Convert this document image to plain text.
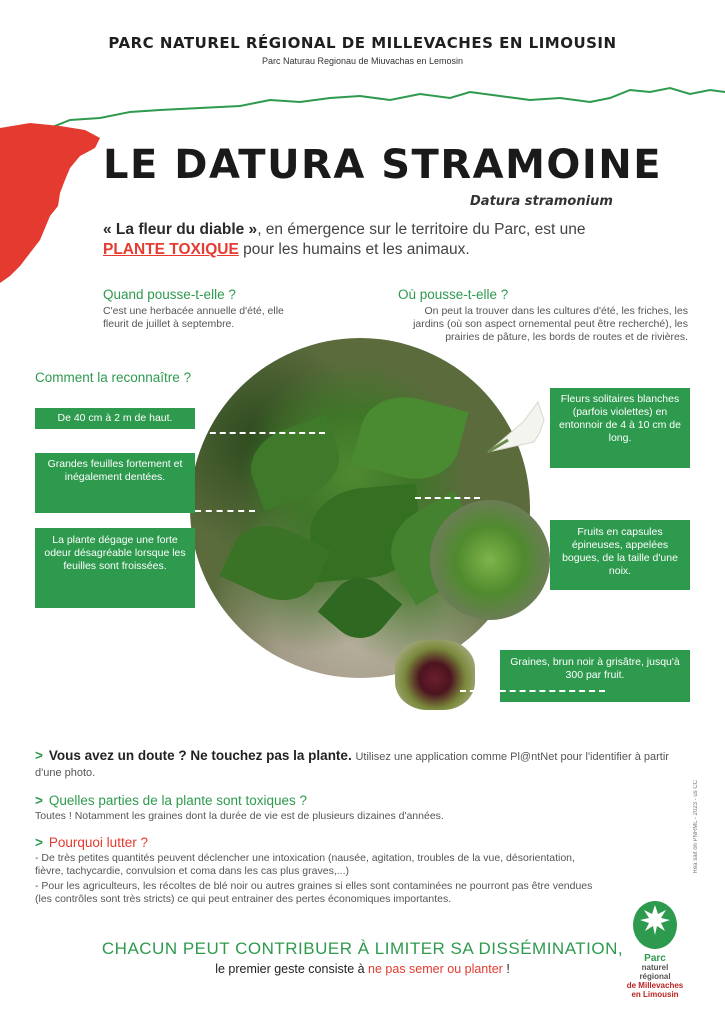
PARC NATUREL RÉGIONAL DE MILLEVACHES EN LIMOUSIN
Parc Naturau Regionau de Miuvachas en Lemosin
LE DATURA STRAMOINE
Datura stramonium
« La fleur du diable », en émergence sur le territoire du Parc, est une PLANTE TOXIQUE pour les humains et les animaux.
Quand pousse-t-elle ?
C'est une herbacée annuelle d'été, elle fleurit de juillet à septembre.
Où pousse-t-elle ?
On peut la trouver dans les cultures d'été, les friches, les jardins (où son aspect ornemental peut être recherché), les prairies de pâture, les bords de routes et de rivières.
Comment la reconnaître ?
De 40 cm à 2 m de haut.
Grandes feuilles fortement et inégalement dentées.
La plante dégage une forte odeur désagréable lorsque les feuilles sont froissées.
Fleurs solitaires blanches (parfois violettes) en entonnoir de 4 à 10 cm de long.
Fruits en capsules épineuses, appelées bogues, de la taille d'une noix.
Graines, brun noir à grisâtre, jusqu'à 300 par fruit.
> Vous avez un doute ? Ne touchez pas la plante. Utilisez une application comme Pl@ntNet pour l'identifier à partir d'une photo.
> Quelles parties de la plante sont toxiques ?
Toutes ! Notamment les graines dont la durée de vie est de plusieurs dizaines d'années.
> Pourquoi lutter ?
- De très petites quantités peuvent déclencher une intoxication (nausée, agitation, troubles de la vue, désorientation, fièvre, tachycardie, convulsion et coma dans les cas plus graves,...)
- Pour les agriculteurs, les récoltes de blé noir ou autres graines si elles sont contaminées ne pourront pas être vendues (les contrôles sont très stricts) ce qui peut entrainer des pertes économiques importantes.
CHACUN PEUT CONTRIBUER À LIMITER SA DISSÉMINATION,
le premier geste consiste à ne pas semer ou planter !
Réa sait on PNRML - 2023 - us CC
Parc
naturel
régional
de Millevaches
en Limousin
